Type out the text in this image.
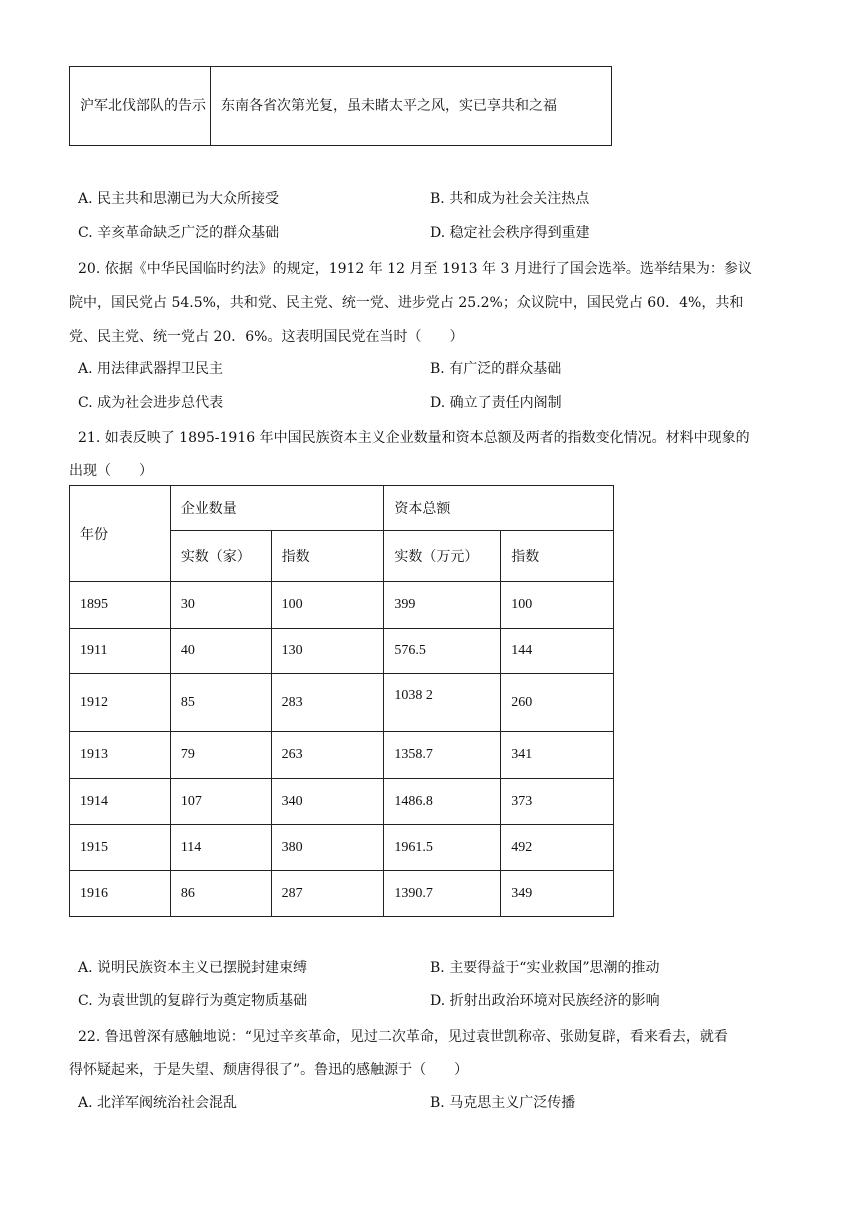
沪军北伐部队的告示	东南各省次第光复，虽未睹太平之风，实已享共和之福
A. 民主共和思潮已为大众所接受	B. 共和成为社会关注热点
C. 辛亥革命缺乏广泛的群众基础	D. 稳定社会秩序得到重建
20. 依据《中华民国临时约法》的规定，1912 年 12 月至 1913 年 3 月进行了国会选举。选举结果为：参议
院中，国民党占 54.5%，共和党、民主党、统一党、进步党占 25.2%；众议院中，国民党占 60．4%，共和
党、民主党、统一党占 20．6%。这表明国民党在当时（　　）
A. 用法律武器捍卫民主	B. 有广泛的群众基础
C. 成为社会进步总代表	D. 确立了责任内阁制
21. 如表反映了 1895-1916 年中国民族资本主义企业数量和资本总额及两者的指数变化情况。材料中现象的
出现（　　）
年份	企业数量		资本总额	
	实数（家）	指数	实数（万元）	指数
1895	30	100	399	100
1911	40	130	576.5	144
1912	85	283	1038 2	260
1913	79	263	1358.7	341
1914	107	340	1486.8	373
1915	114	380	1961.5	492
1916	86	287	1390.7	349
A. 说明民族资本主义已摆脱封建束缚	B. 主要得益于“实业救国”思潮的推动
C. 为袁世凯的复辟行为奠定物质基础	D. 折射出政治环境对民族经济的影响
22. 鲁迅曾深有感触地说：“见过辛亥革命，见过二次革命，见过袁世凯称帝、张勋复辟，看来看去，就看
得怀疑起来，于是失望、颓唐得很了”。鲁迅的感触源于（　　）
A. 北洋军阀统治社会混乱	B. 马克思主义广泛传播
